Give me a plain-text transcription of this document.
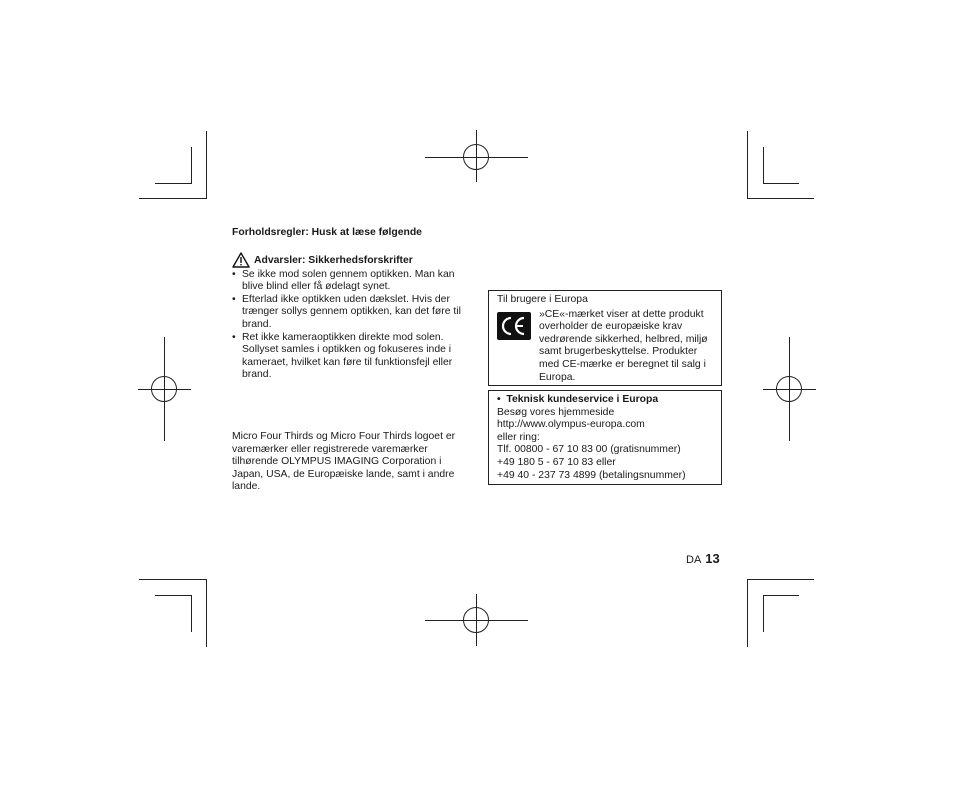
Forholdsregler: Husk at læse følgende

Advarsler: Sikkerhedsforskrifter
• Se ikke mod solen gennem optikken. Man kan blive blind eller få ødelagt synet.
• Efterlad ikke optikken uden dækslet. Hvis der trænger sollys gennem optikken, kan det føre til brand.
• Ret ikke kameraoptikken direkte mod solen. Sollyset samles i optikken og fokuseres inde i kameraet, hvilket kan føre til funktionsfejl eller brand.
Micro Four Thirds og Micro Four Thirds logoet er varemærker eller registrerede varemærker tilhørende OLYMPUS IMAGING Corporation i Japan, USA, de Europæiske lande, samt i andre lande.
Til brugere i Europa
»CE«-mærket viser at dette produkt overholder de europæiske krav vedrørende sikkerhed, helbred, miljø samt brugerbeskyttelse. Produkter med CE-mærke er beregnet til salg i Europa.
•  Teknisk kundeservice i Europa
Besøg vores hjemmeside
http://www.olympus-europa.com
eller ring:
Tlf. 00800 - 67 10 83 00 (gratisnummer)
+49 180 5 - 67 10 83 eller
+49 40 - 237 73 4899 (betalingsnummer)
DA 13
